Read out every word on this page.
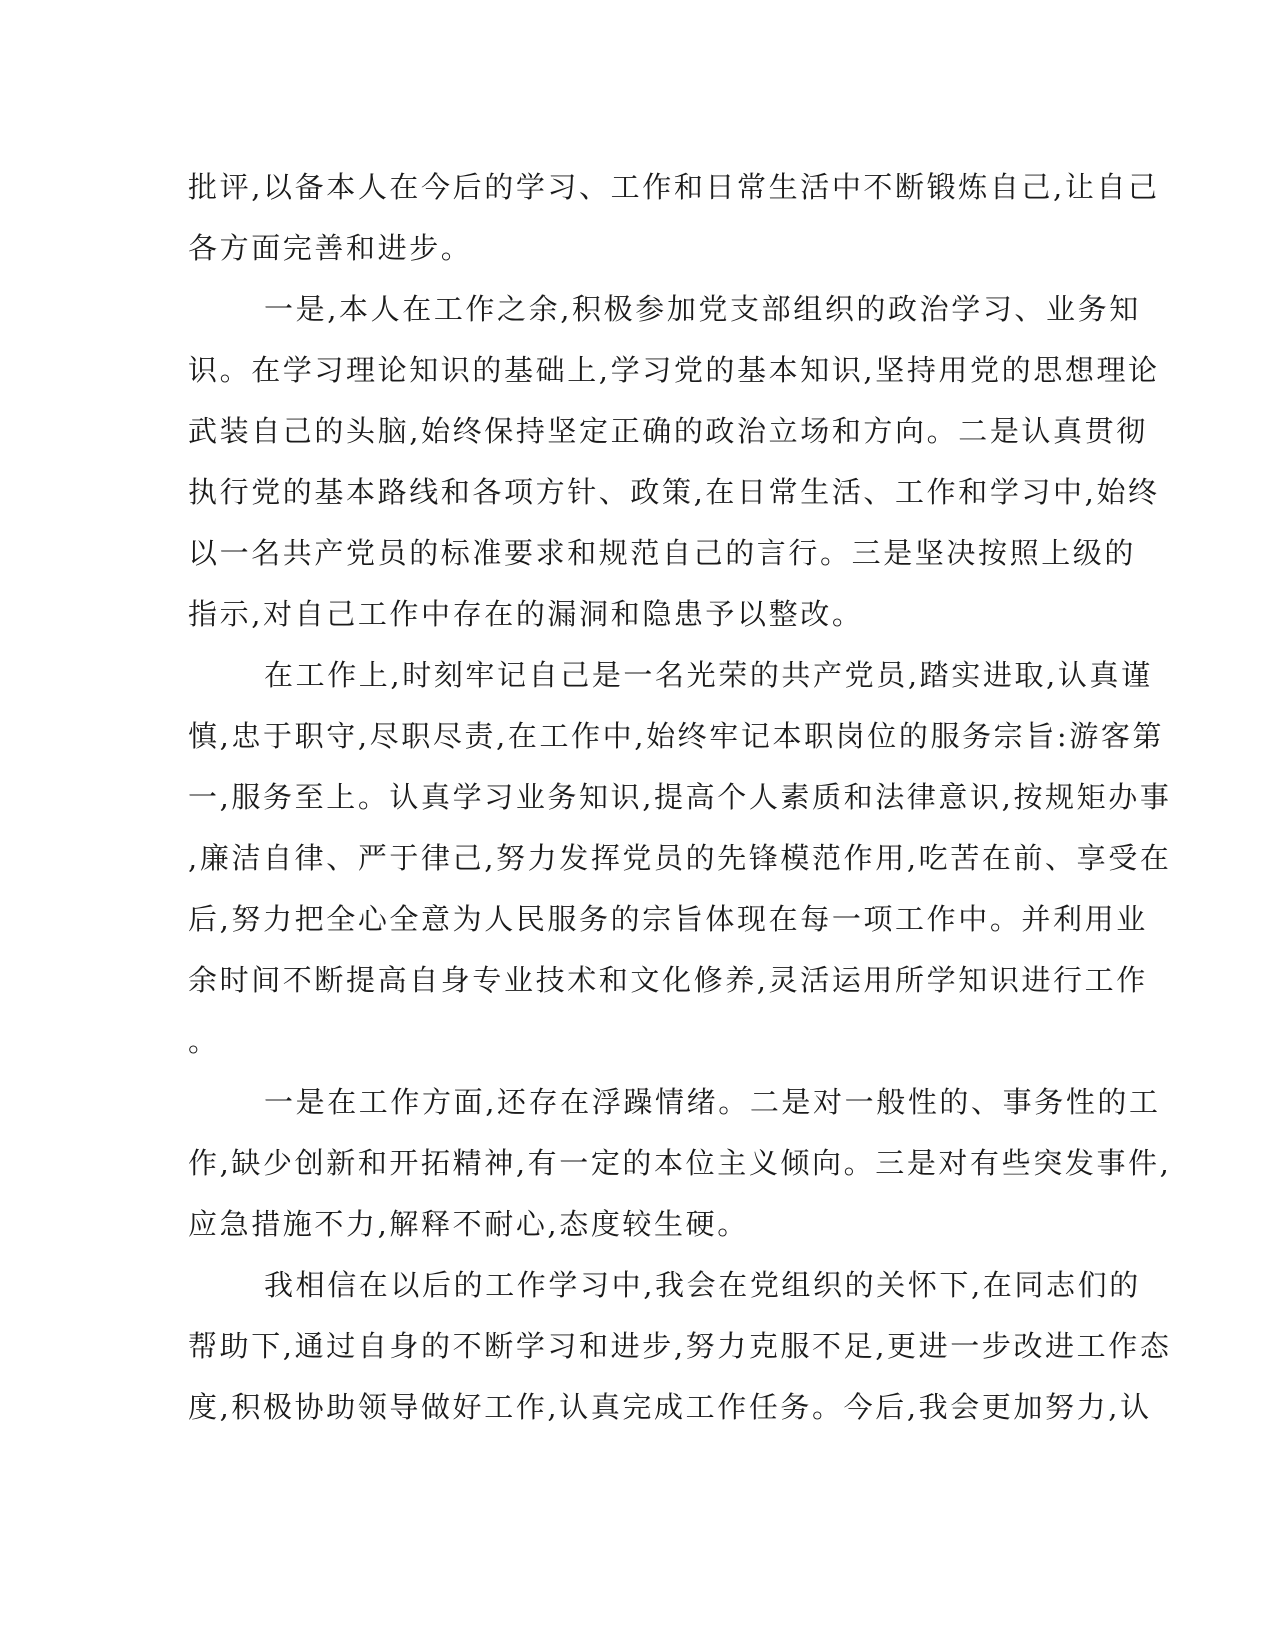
批评,以备本人在今后的学习、工作和日常生活中不断锻炼自己,让自己
各方面完善和进步。
一是,本人在工作之余,积极参加党支部组织的政治学习、业务知
识。在学习理论知识的基础上,学习党的基本知识,坚持用党的思想理论
武装自己的头脑,始终保持坚定正确的政治立场和方向。二是认真贯彻
执行党的基本路线和各项方针、政策,在日常生活、工作和学习中,始终
以一名共产党员的标准要求和规范自己的言行。三是坚决按照上级的
指示,对自己工作中存在的漏洞和隐患予以整改。
在工作上,时刻牢记自己是一名光荣的共产党员,踏实进取,认真谨
慎,忠于职守,尽职尽责,在工作中,始终牢记本职岗位的服务宗旨:游客第
一,服务至上。认真学习业务知识,提高个人素质和法律意识,按规矩办事
,廉洁自律、严于律己,努力发挥党员的先锋模范作用,吃苦在前、享受在
后,努力把全心全意为人民服务的宗旨体现在每一项工作中。并利用业
余时间不断提高自身专业技术和文化修养,灵活运用所学知识进行工作
。
一是在工作方面,还存在浮躁情绪。二是对一般性的、事务性的工
作,缺少创新和开拓精神,有一定的本位主义倾向。三是对有些突发事件,
应急措施不力,解释不耐心,态度较生硬。
我相信在以后的工作学习中,我会在党组织的关怀下,在同志们的
帮助下,通过自身的不断学习和进步,努力克服不足,更进一步改进工作态
度,积极协助领导做好工作,认真完成工作任务。今后,我会更加努力,认
